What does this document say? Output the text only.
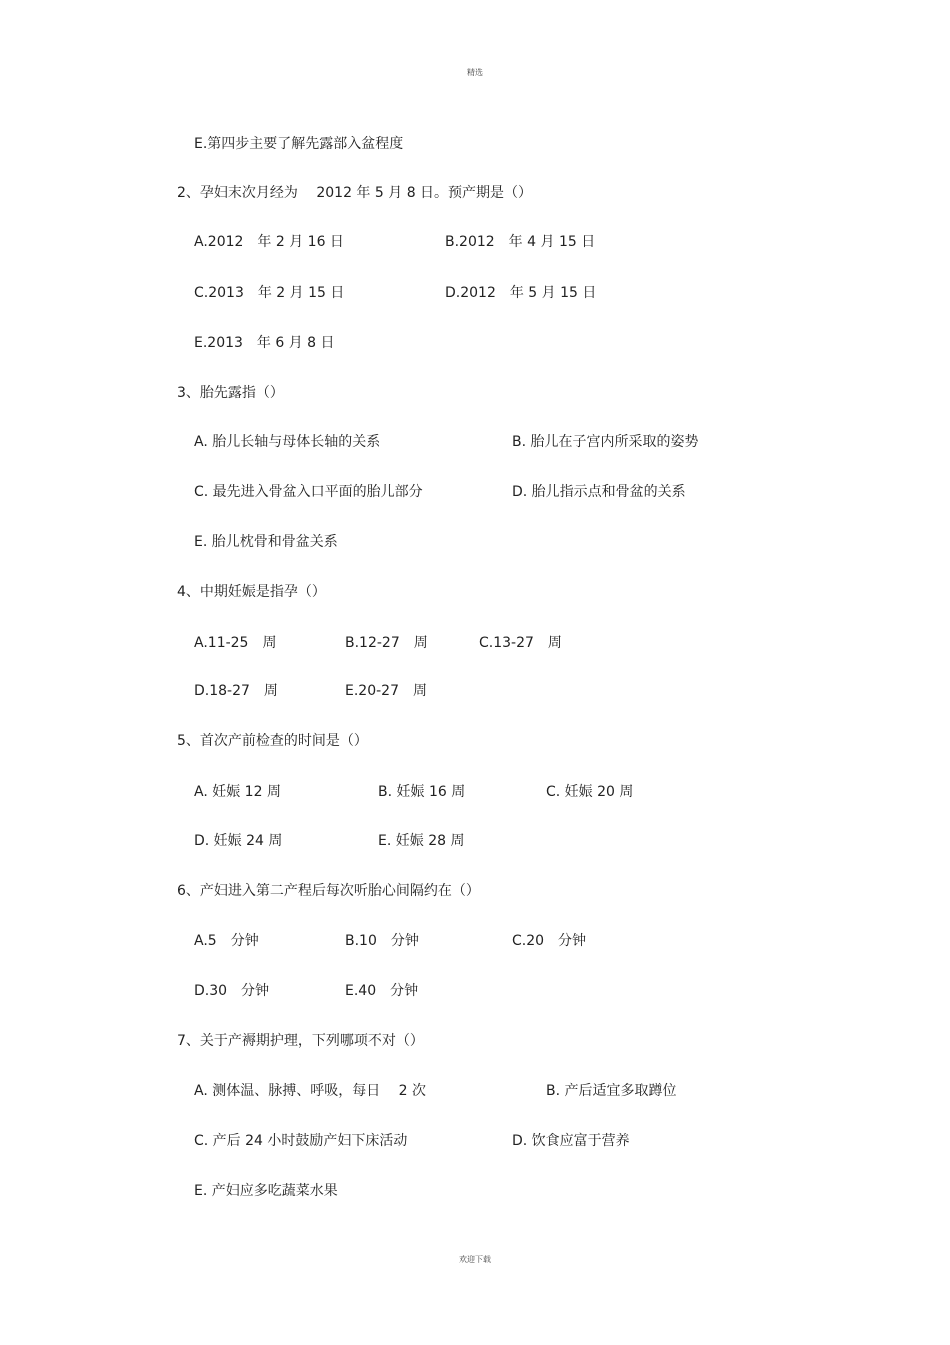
精选
E.第四步主要了解先露部入盆程度
2、孕妇末次月经为　 2012 年 5 月 8 日。预产期是（）
A.2012　年 2 月 16 日	B.2012　年 4 月 15 日
C.2013　年 2 月 15 日	D.2012　年 5 月 15 日
E.2013　年 6 月 8 日
3、胎先露指（）
A. 胎儿长轴与母体长轴的关系	B. 胎儿在子宫内所采取的姿势
C. 最先进入骨盆入口平面的胎儿部分	D. 胎儿指示点和骨盆的关系
E. 胎儿枕骨和骨盆关系
4、中期妊娠是指孕（）
A.11-25　周	B.12-27　周	C.13-27　周
D.18-27　周	E.20-27　周
5、首次产前检查的时间是（）
A. 妊娠 12 周	B. 妊娠 16 周	C. 妊娠 20 周
D. 妊娠 24 周	E. 妊娠 28 周
6、产妇进入第二产程后每次听胎心间隔约在（）
A.5　分钟	B.10　分钟	C.20　分钟
D.30　分钟	E.40　分钟
7、关于产褥期护理，下列哪项不对（）
A. 测体温、脉搏、呼吸，每日　 2 次	B. 产后适宜多取蹲位
C. 产后 24 小时鼓励产妇下床活动	D. 饮食应富于营养
E. 产妇应多吃蔬菜水果
欢迎下载
